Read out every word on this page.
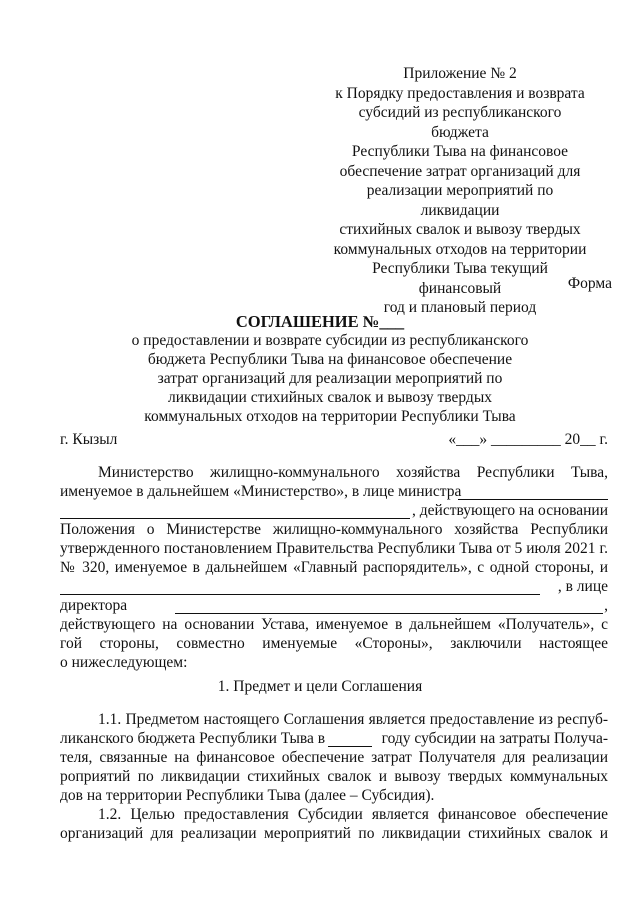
Приложение № 2
к Порядку предоставления и возврата
субсидий из республиканского бюджета
Республики Тыва на финансовое
обеспечение затрат организаций для
реализации мероприятий по ликвидации
стихийных свалок и вывозу твердых
коммунальных отходов на территории
Республики Тыва текущий финансовый
год и плановый период
Форма
СОГЛАШЕНИЕ №___
о предоставлении и возврате субсидии из республиканского
бюджета Республики Тыва на финансовое обеспечение
затрат организаций для реализации мероприятий по
ликвидации стихийных свалок и вывозу твердых
коммунальных отходов на территории Республики Тыва
г. Кызыл	«___» _________ 20__ г.
Министерство жилищно-коммунального хозяйства Республики Тыва,
именуемое в дальнейшем «Министерство», в лице министра
, действующего на основании
Положения о Министерстве жилищно-коммунального хозяйства Республики
утвержденного постановлением Правительства Республики Тыва от 5 июля 2021 г.
№ 320, именуемое в дальнейшем «Главный распорядитель», с одной стороны, и
, в лице
директора	,
действующего на основании Устава, именуемое в дальнейшем «Получатель», с
гой стороны, совместно именуемые «Стороны», заключили настоящее
о нижеследующем:
1. Предмет и цели Соглашения
1.1. Предметом настоящего Соглашения является предоставление из респуб-
ликанского бюджета Республики Тыва в	году субсидии на затраты Получа-
теля, связанные на финансовое обеспечение затрат Получателя для реализации
роприятий по ликвидации стихийных свалок и вывозу твердых коммунальных
дов на территории Республики Тыва (далее – Субсидия).
1.2. Целью предоставления Субсидии является финансовое обеспечение
организаций для реализации мероприятий по ликвидации стихийных свалок и
